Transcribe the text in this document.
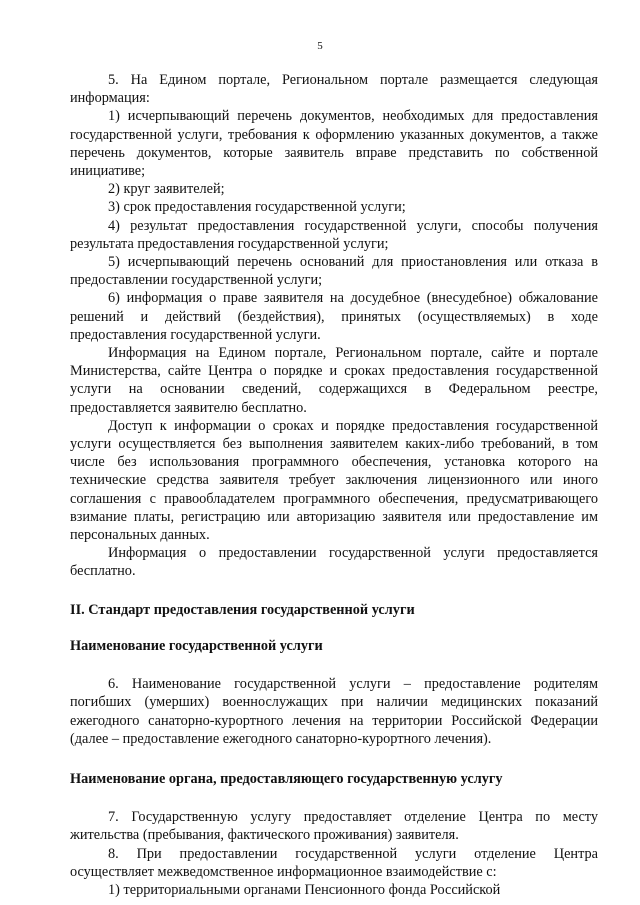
5

5. На Едином портале, Региональном портале размещается следующая информация:

1) исчерпывающий перечень документов, необходимых для предоставления государственной услуги, требования к оформлению указанных документов, а также перечень документов, которые заявитель вправе представить по собственной инициативе;

2) круг заявителей;

3) срок предоставления государственной услуги;

4) результат предоставления государственной услуги, способы получения результата предоставления государственной услуги;

5) исчерпывающий перечень оснований для приостановления или отказа в предоставлении государственной услуги;

6) информация о праве заявителя на досудебное (внесудебное) обжалование решений и действий (бездействия), принятых (осуществляемых) в ходе предоставления государственной услуги.

Информация на Едином портале, Региональном портале, сайте и портале Министерства, сайте Центра о порядке и сроках предоставления государственной услуги на основании сведений, содержащихся в Федеральном реестре, предоставляется заявителю бесплатно.

Доступ к информации о сроках и порядке предоставления государственной услуги осуществляется без выполнения заявителем каких-либо требований, в том числе без использования программного обеспечения, установка которого на технические средства заявителя требует заключения лицензионного или иного соглашения с правообладателем программного обеспечения, предусматривающего взимание платы, регистрацию или авторизацию заявителя или предоставление им персональных данных.

Информация о предоставлении государственной услуги предоставляется бесплатно.

II. Стандарт предоставления государственной услуги

Наименование государственной услуги

6. Наименование государственной услуги – предоставление родителям погибших (умерших) военнослужащих при наличии медицинских показаний ежегодного санаторно-курортного лечения на территории Российской Федерации (далее – предоставление ежегодного санаторно-курортного лечения).

Наименование органа, предоставляющего государственную услугу

7. Государственную услугу предоставляет отделение Центра по месту жительства (пребывания, фактического проживания) заявителя.

8. При предоставлении государственной услуги отделение Центра осуществляет межведомственное информационное взаимодействие с:

1) территориальными органами Пенсионного фонда Российской
